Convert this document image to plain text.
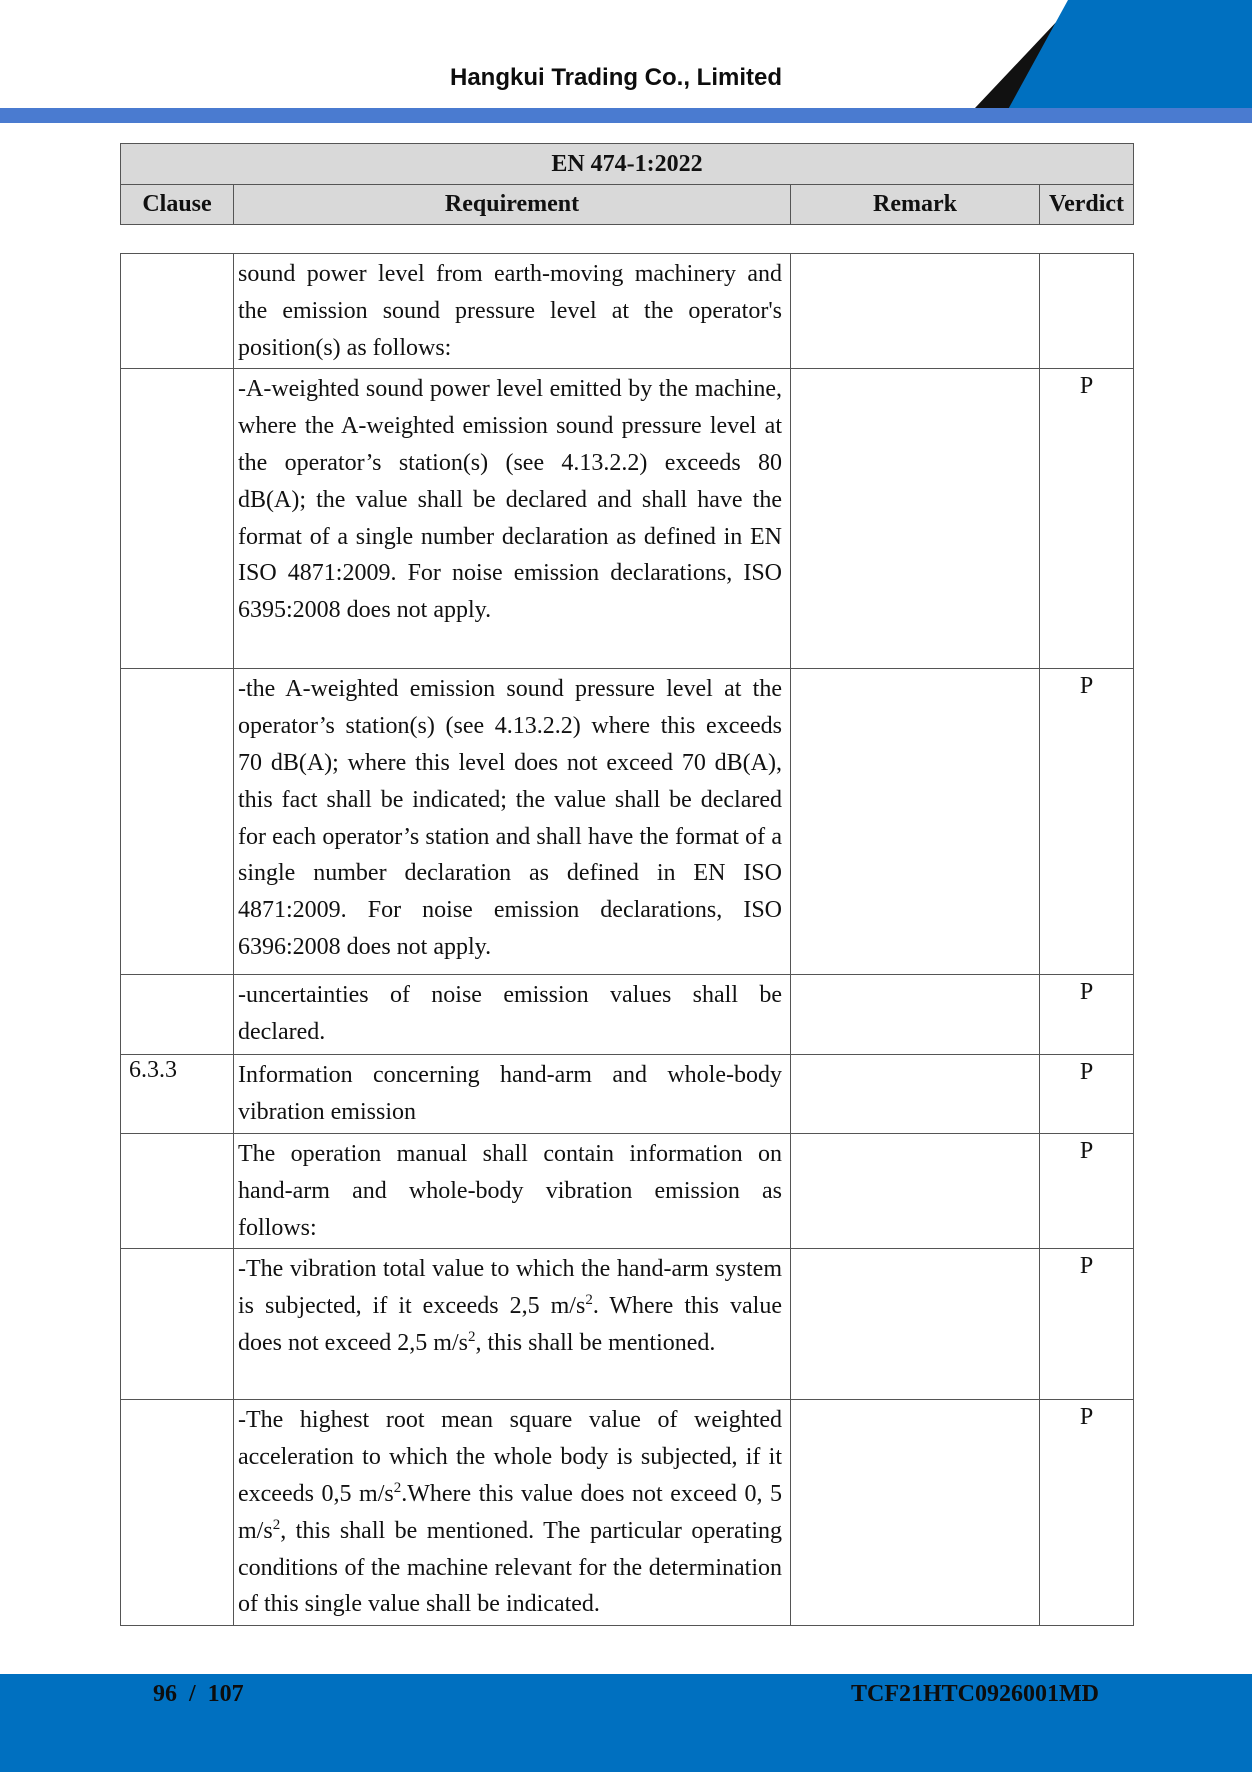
Hangkui Trading Co., Limited
EN 474-1:2022
Clause	Requirement	Remark	Verdict
	sound power level from earth-moving machinery and the emission sound pressure level at the operator's position(s) as follows:		
	-A-weighted sound power level emitted by the machine, where the A-weighted emission sound pressure level at the operator’s station(s) (see 4.13.2.2) exceeds 80 dB(A); the value shall be declared and shall have the format of a single number declaration as defined in EN ISO 4871:2009. For noise emission declarations, ISO 6395:2008 does not apply.		P
	-the A-weighted emission sound pressure level at the operator’s station(s) (see 4.13.2.2) where this exceeds 70 dB(A); where this level does not exceed 70 dB(A), this fact shall be indicated; the value shall be declared for each operator’s station and shall have the format of a single number declaration as defined in EN ISO 4871:2009. For noise emission declarations, ISO 6396:2008 does not apply.		P
	-uncertainties of noise emission values shall be declared.		P
6.3.3	Information concerning hand-arm and whole-body vibration emission		P
	The operation manual shall contain information on hand-arm and whole-body vibration emission as follows:		P
	-The vibration total value to which the hand-arm system is subjected, if it exceeds 2,5 $m/s^2$. Where this value does not exceed 2,5 $m/s^2$, this shall be mentioned.		P
	-The highest root mean square value of weighted acceleration to which the whole body is subjected, if it exceeds 0,5 $m/s^2.Where$ this value does not exceed 0, 5 $m/s^2$, this shall be mentioned. The particular operating conditions of the machine relevant for the determination of this single value shall be indicated.		P
96  /  107	TCF21HTC0926001MD
